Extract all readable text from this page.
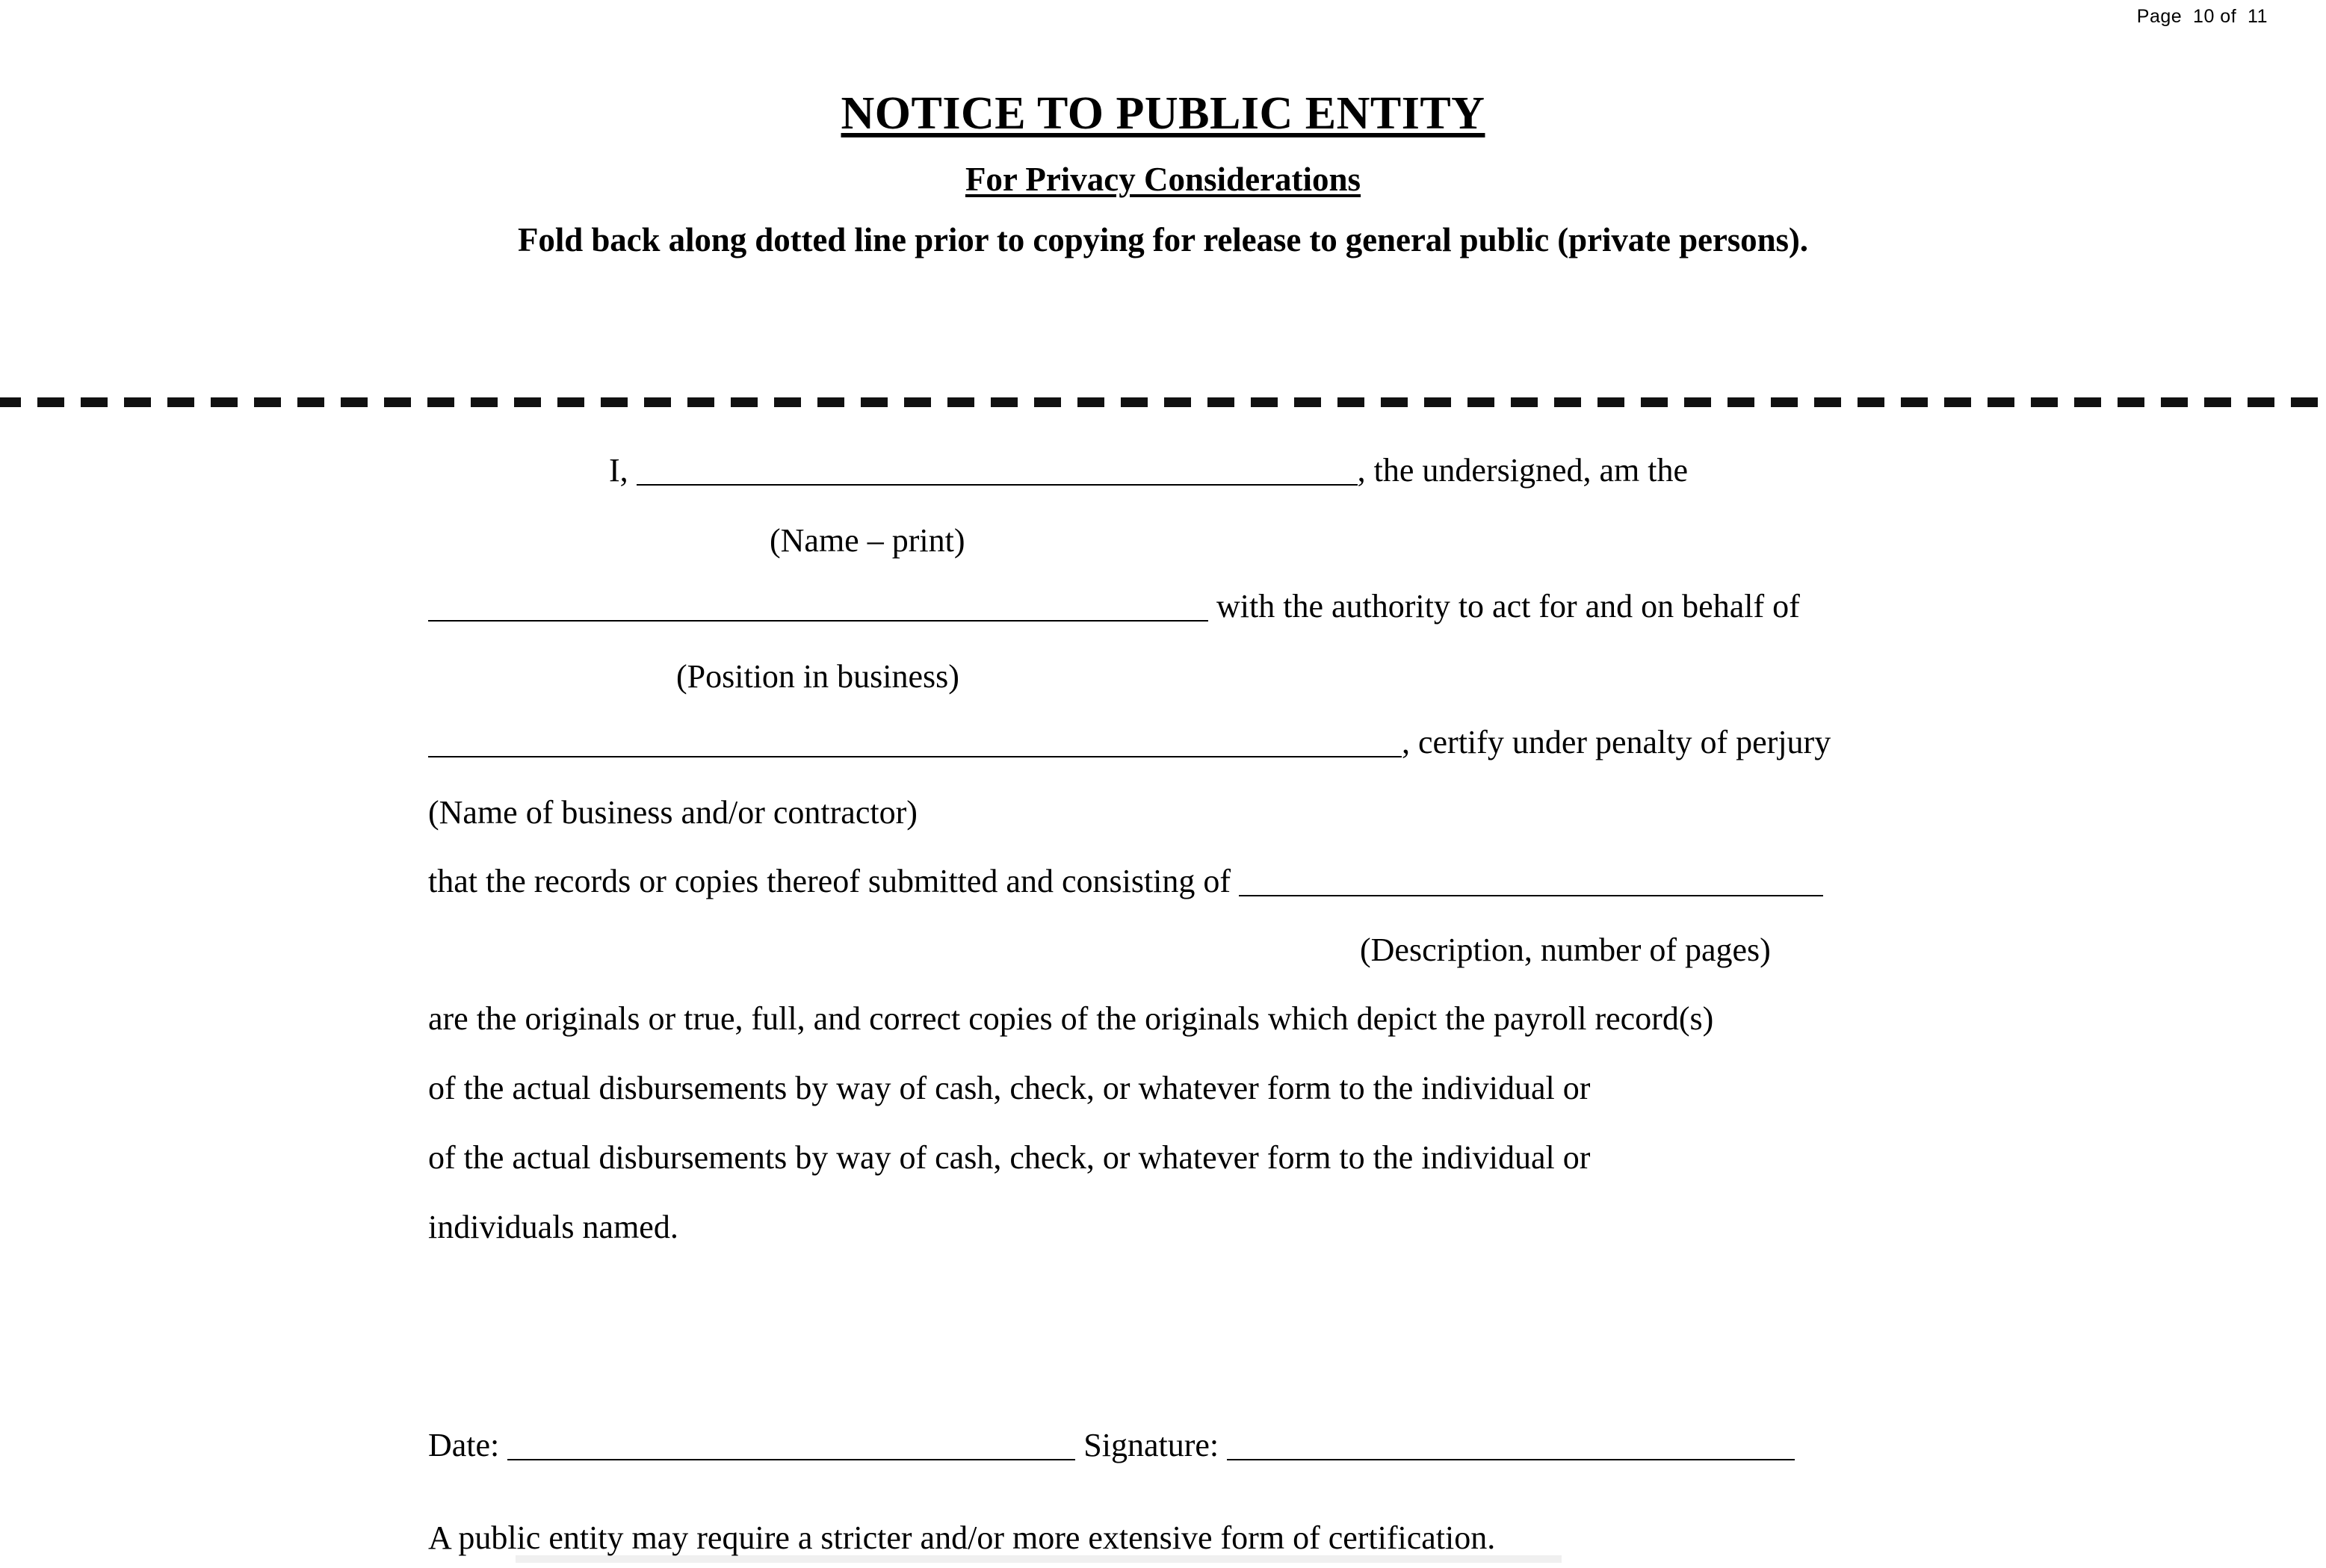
Page  10 of  11
NOTICE TO PUBLIC ENTITY
For Privacy Considerations
Fold back along dotted line prior to copying for release to general public (private persons).
I,	, the undersigned, am the
(Name – print)
with the authority to act for and on behalf of
(Position in business)
, certify under penalty of perjury
(Name of business and/or contractor)
that the records or copies thereof submitted and consisting of
(Description, number of pages)
are the originals or true, full, and correct copies of the originals which depict the payroll record(s)
of the actual disbursements by way of cash, check, or whatever form to the individual or
of the actual disbursements by way of cash, check, or whatever form to the individual or
individuals named.
Date:	Signature:
A public entity may require a stricter and/or more extensive form of certification.
